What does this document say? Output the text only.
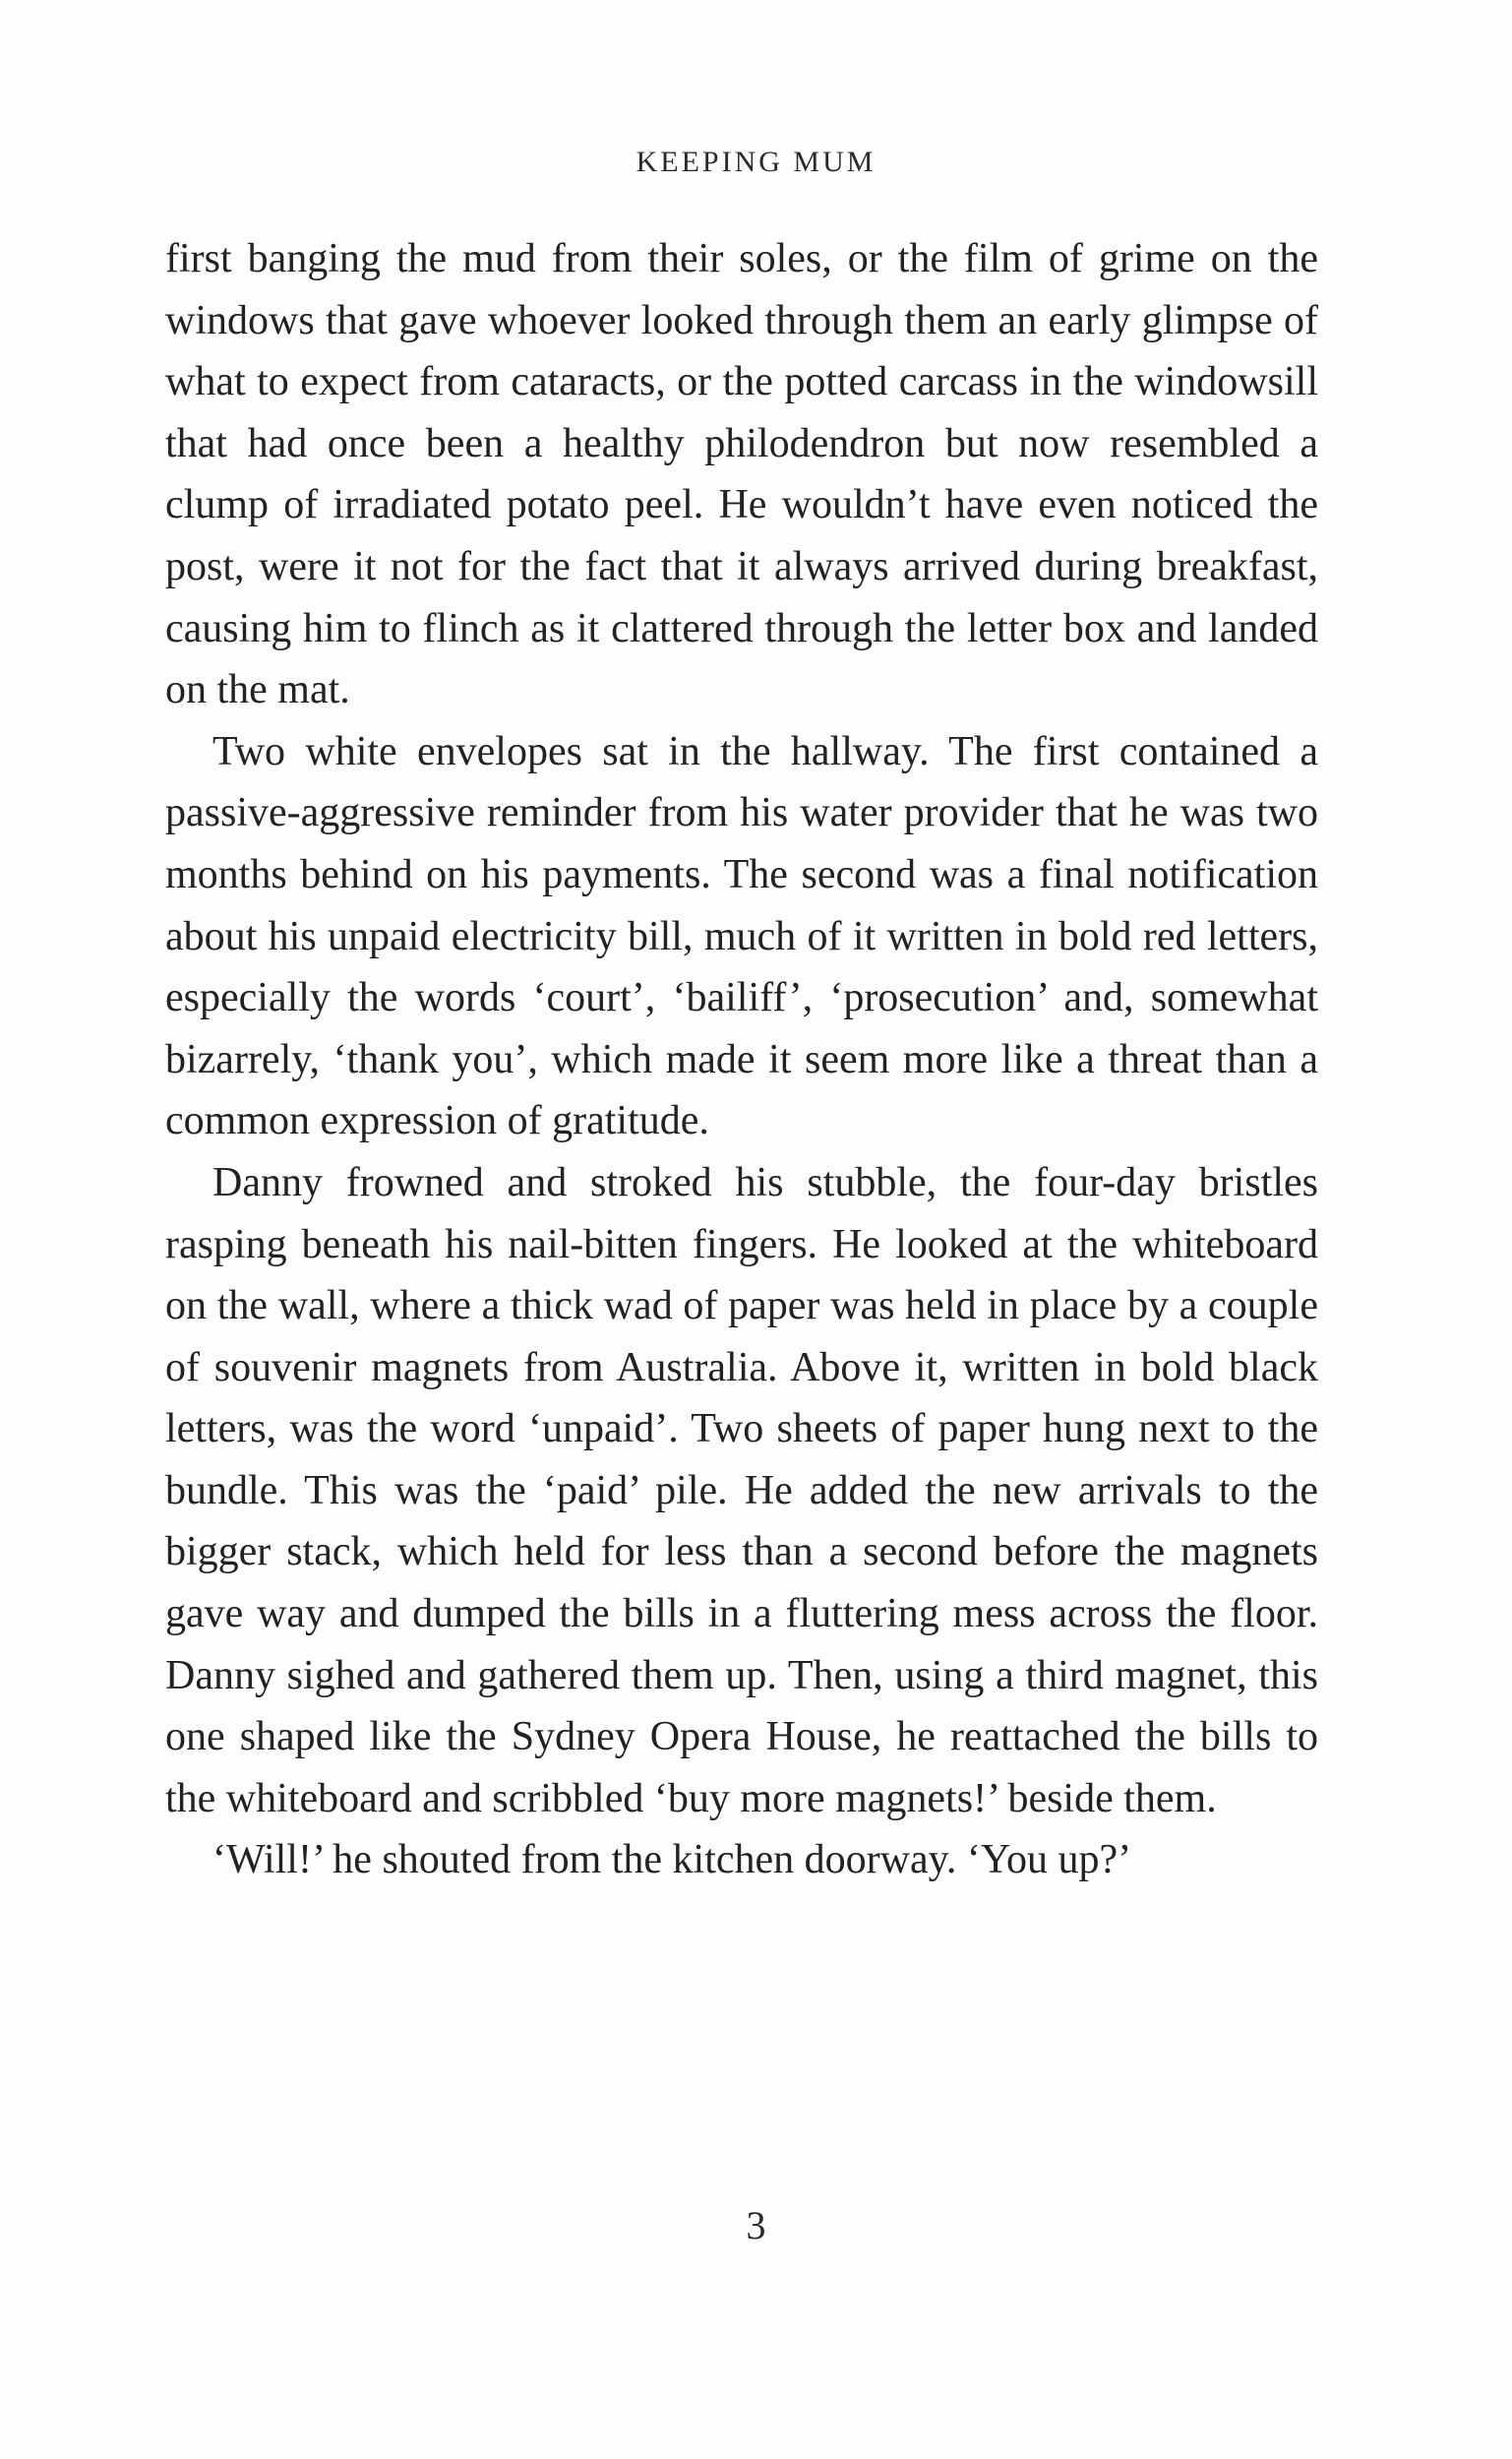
KEEPING MUM

first banging the mud from their soles, or the film of grime on the windows that gave whoever looked through them an early glimpse of what to expect from cataracts, or the potted carcass in the windowsill that had once been a healthy philodendron but now resembled a clump of irradiated potato peel. He wouldn’t have even noticed the post, were it not for the fact that it always arrived during breakfast, causing him to flinch as it clattered through the letter box and landed on the mat.

Two white envelopes sat in the hallway. The first contained a passive-aggressive reminder from his water provider that he was two months behind on his payments. The second was a final notification about his unpaid electricity bill, much of it written in bold red letters, especially the words ‘court’, ‘bailiff’, ‘prosecution’ and, somewhat bizarrely, ‘thank you’, which made it seem more like a threat than a common expression of gratitude.

Danny frowned and stroked his stubble, the four-day bristles rasping beneath his nail-bitten fingers. He looked at the whiteboard on the wall, where a thick wad of paper was held in place by a couple of souvenir magnets from Australia. Above it, written in bold black letters, was the word ‘unpaid’. Two sheets of paper hung next to the bundle. This was the ‘paid’ pile. He added the new arrivals to the bigger stack, which held for less than a second before the magnets gave way and dumped the bills in a fluttering mess across the floor. Danny sighed and gathered them up. Then, using a third magnet, this one shaped like the Sydney Opera House, he reattached the bills to the whiteboard and scribbled ‘buy more magnets!’ beside them.

‘Will!’ he shouted from the kitchen doorway. ‘You up?’

3
